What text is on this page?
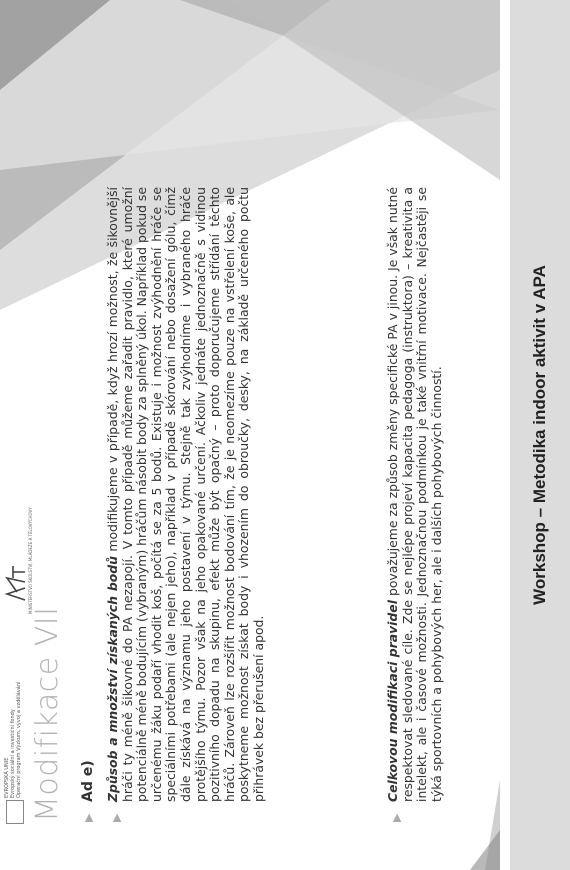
EVROPSKÁ UNIE Evropský sociální a investiční fondy Operační program Výzkum, vývoj a vzdělávání
MINISTERSTVO ŠKOLSTVÍ, MLÁDEŽE A TĚLOVÝCHOVY
Modifikace VII ▶
Ad e)
▶
Způsob a množství získaných bodů modifikujeme v případě, když hrozí možnost, že šikovnější hráči ty méně šikovné do PA nezapojí. V tomto případě můžeme zařadit pravidlo, které umožní potenciálně méně bodujícím (vybraným) hráčům násobit body za splněný úkol. Například pokud se určenému žáku podaří vhodit koš, počítá se za 5 bodů. Existuje i možnost zvýhodnění hráče se speciálními potřebami (ale nejen jeho), například v případě skórování nebo dosažení gólu, čímž dále získává na významu jeho postavení v týmu. Stejně tak zvýhodníme i vybraného hráče protějšího týmu. Pozor však na jeho opakované určení. Ačkoliv jednáte jednoznačně s vidinou pozitivního dopadu na skupinu, efekt může být opačný – proto doporučujeme střídání těchto hráčů. Zároveň lze rozšířit možnost bodování tím, že je neomezíme pouze na vstřelení koše, ale poskytneme možnost získat body i vhozením do obroučky, desky, na základě určeného počtu přihrávek bez přerušení apod.
▶
Celkovou modifikaci pravidel považujeme za způsob změny specifické PA v jinou. Je však nutné respektovat sledované cíle. Zde se nejlépe projeví kapacita pedagoga (instruktora) – kreativita a intelekt, ale i časové možnosti. Jednoznačnou podmínkou je také vnitřní motivace. Nejčastěji se týká sportovních a pohybových her, ale i dalších pohybových činností.	Workshop – Metodika indoor aktivit v APA
